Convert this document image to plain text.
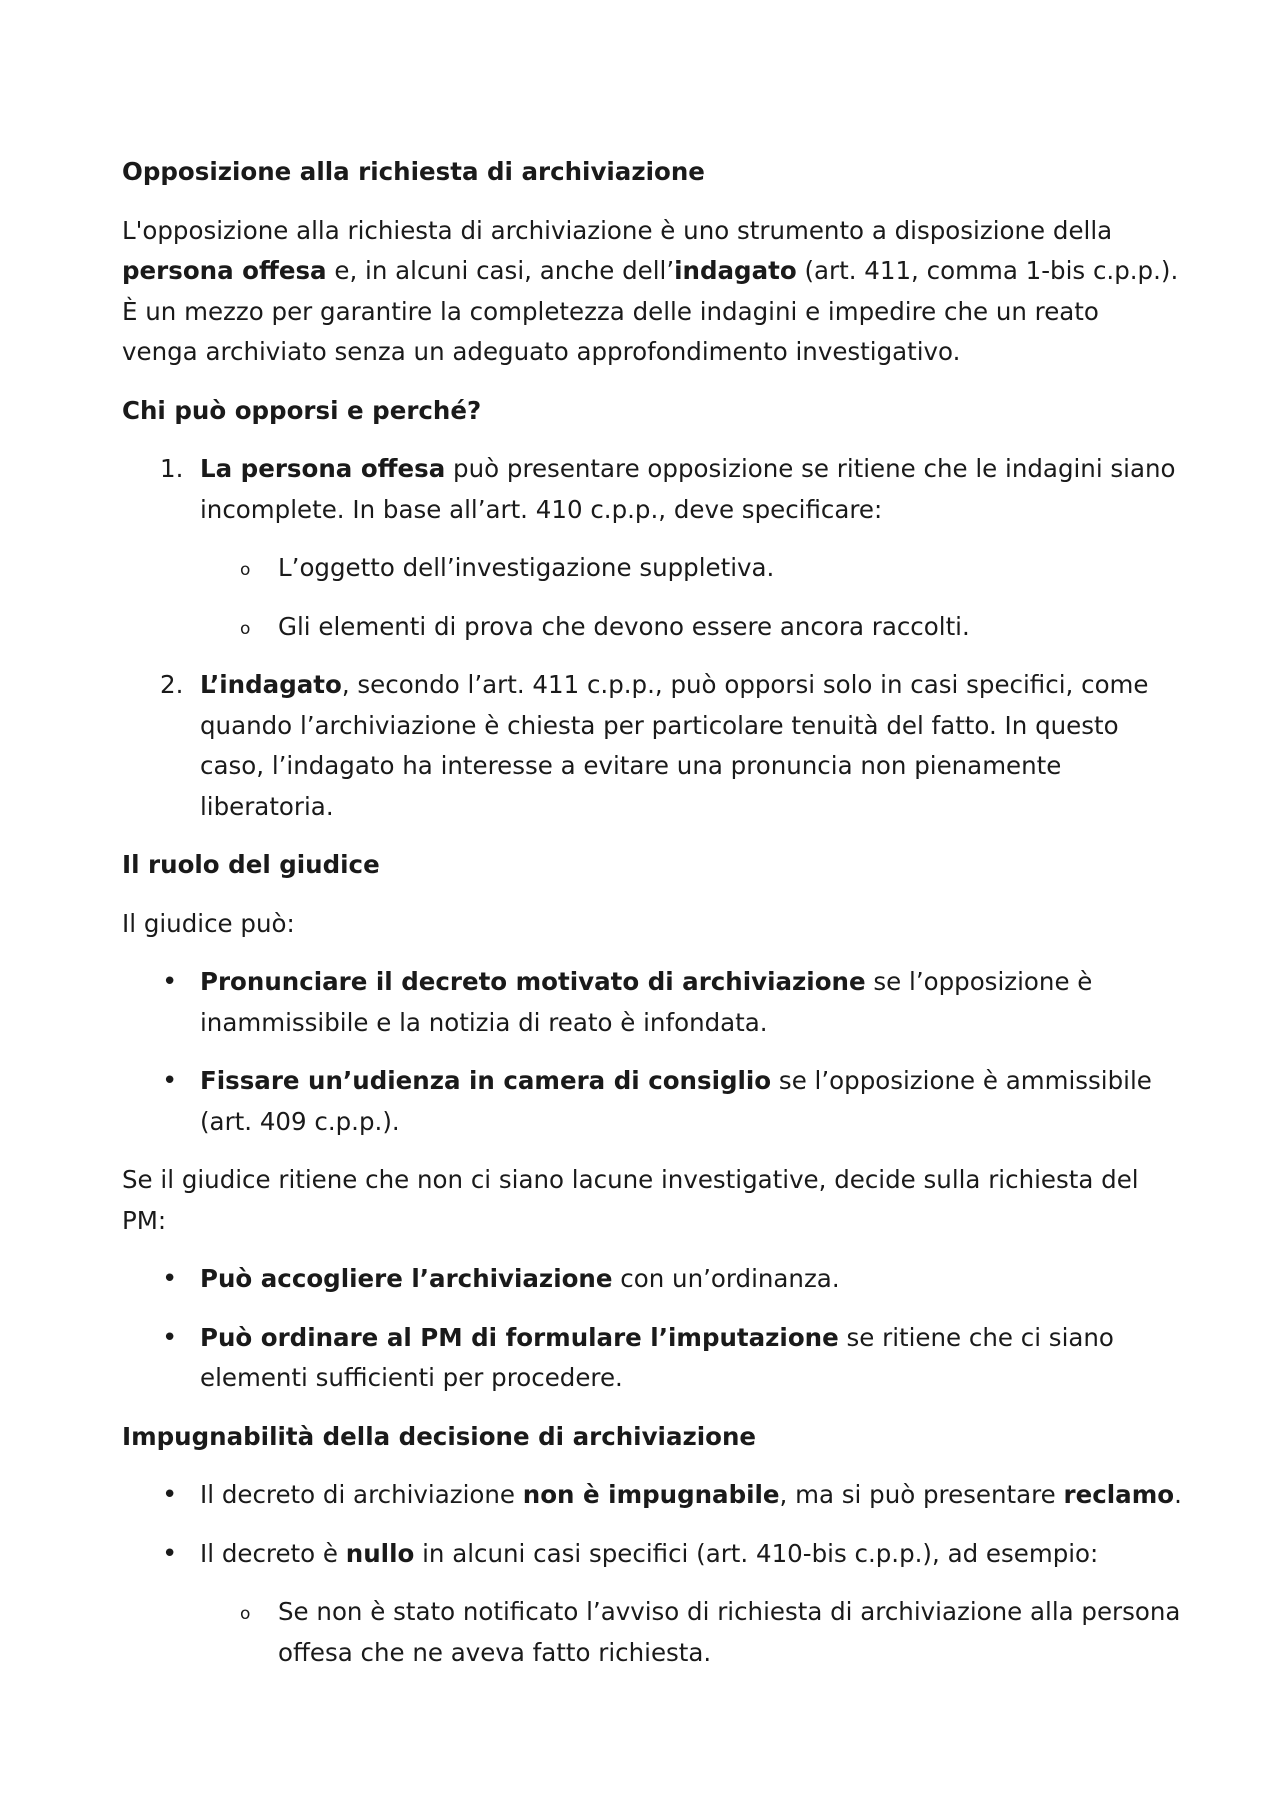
Opposizione alla richiesta di archiviazione

L'opposizione alla richiesta di archiviazione è uno strumento a disposizione della persona offesa e, in alcuni casi, anche dell’indagato (art. 411, comma 1-bis c.p.p.). È un mezzo per garantire la completezza delle indagini e impedire che un reato venga archiviato senza un adeguato approfondimento investigativo.

Chi può opporsi e perché?

1. La persona offesa può presentare opposizione se ritiene che le indagini siano incomplete. In base all’art. 410 c.p.p., deve specificare:

o L’oggetto dell’investigazione suppletiva.

o Gli elementi di prova che devono essere ancora raccolti.

2. L’indagato, secondo l’art. 411 c.p.p., può opporsi solo in casi specifici, come quando l’archiviazione è chiesta per particolare tenuità del fatto. In questo caso, l’indagato ha interesse a evitare una pronuncia non pienamente liberatoria.

Il ruolo del giudice

Il giudice può:

• Pronunciare il decreto motivato di archiviazione se l’opposizione è inammissibile e la notizia di reato è infondata.

• Fissare un’udienza in camera di consiglio se l’opposizione è ammissibile (art. 409 c.p.p.).

Se il giudice ritiene che non ci siano lacune investigative, decide sulla richiesta del PM:

• Può accogliere l’archiviazione con un’ordinanza.

• Può ordinare al PM di formulare l’imputazione se ritiene che ci siano elementi sufficienti per procedere.

Impugnabilità della decisione di archiviazione

• Il decreto di archiviazione non è impugnabile, ma si può presentare reclamo.

• Il decreto è nullo in alcuni casi specifici (art. 410-bis c.p.p.), ad esempio:

o Se non è stato notificato l’avviso di richiesta di archiviazione alla persona offesa che ne aveva fatto richiesta.
